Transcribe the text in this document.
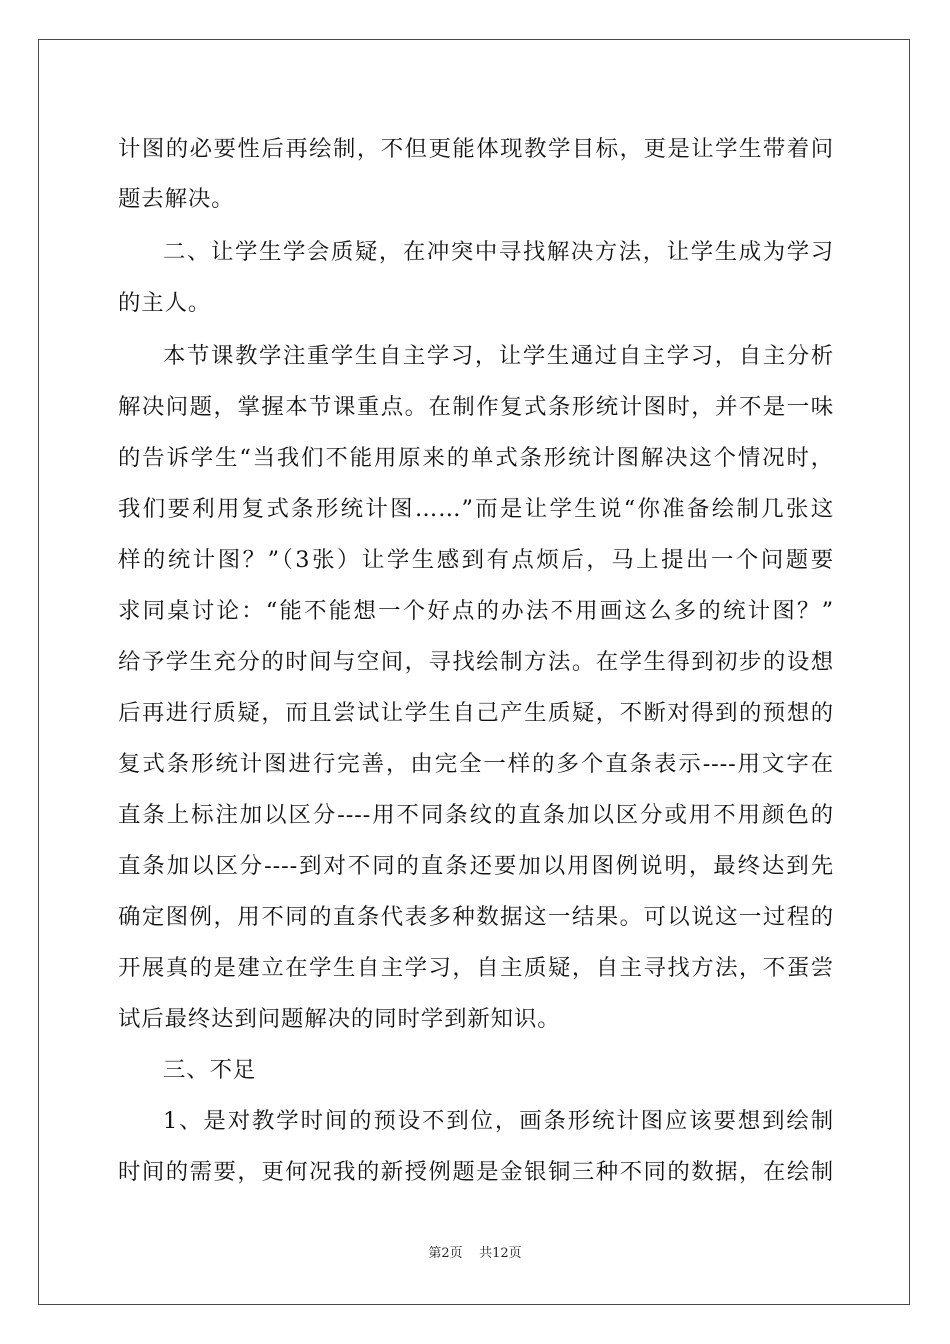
计图的必要性后再绘制，不但更能体现教学目标，更是让学生带着问
题去解决。
二、让学生学会质疑，在冲突中寻找解决方法，让学生成为学习
的主人。
本节课教学注重学生自主学习，让学生通过自主学习，自主分析
解决问题，掌握本节课重点。在制作复式条形统计图时，并不是一味
的告诉学生“当我们不能用原来的单式条形统计图解决这个情况时，
我们要利用复式条形统计图……”而是让学生说“你准备绘制几张这
样的统计图？”（3张）让学生感到有点烦后，马上提出一个问题要
求同桌讨论：“能不能想一个好点的办法不用画这么多的统计图？”
给予学生充分的时间与空间，寻找绘制方法。在学生得到初步的设想
后再进行质疑，而且尝试让学生自己产生质疑，不断对得到的预想的
复式条形统计图进行完善，由完全一样的多个直条表示----用文字在
直条上标注加以区分----用不同条纹的直条加以区分或用不用颜色的
直条加以区分----到对不同的直条还要加以用图例说明，最终达到先
确定图例，用不同的直条代表多种数据这一结果。可以说这一过程的
开展真的是建立在学生自主学习，自主质疑，自主寻找方法，不蛋尝
试后最终达到问题解决的同时学到新知识。
三、不足
1、是对教学时间的预设不到位，画条形统计图应该要想到绘制
时间的需要，更何况我的新授例题是金银铜三种不同的数据，在绘制
第2页 共12页
